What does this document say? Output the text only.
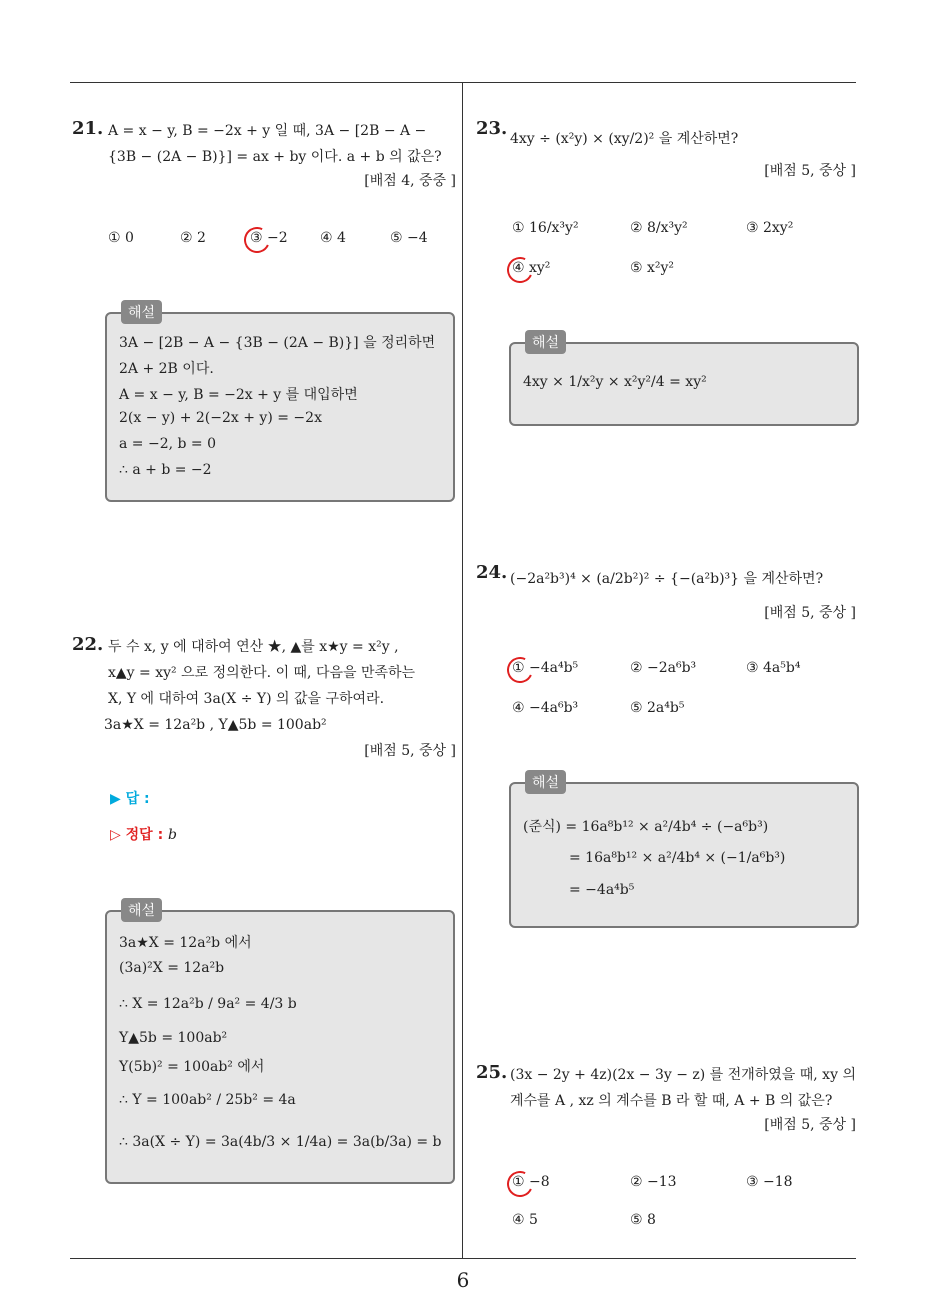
6
21. A = x − y, B = −2x + y 일 때, 3A − [2B − A −
{3B − (2A − B)}] = ax + by 이다. a + b 의 값은?
[배점 4, 중중 ]
① 0	② 2	③ −2 ④ 4	⑤ −4
해설
3A − [2B − A − {3B − (2A − B)}] 을 정리하면
2A + 2B 이다.
A = x − y, B = −2x + y 를 대입하면
2(x − y) + 2(−2x + y) = −2x
a = −2, b = 0
∴ a + b = −2
22. 두 수 x, y 에 대하여 연산 ★, ▲를 x★y = x²y ,
x▲y = xy² 으로 정의한다. 이 때, 다음을 만족하는
X, Y 에 대하여 3a(X ÷ Y) 의 값을 구하여라.
3a★X = 12a²b , Y▲5b = 100ab²
[배점 5, 중상 ]
▶ 답 :
▷ 정답 : b
해설
3a★X = 12a²b 에서
(3a)²X = 12a²b
∴ X = 12a²b / 9a² = 4/3 b
Y▲5b = 100ab²
Y(5b)² = 100ab² 에서
∴ Y = 100ab² / 25b² = 4a
∴ 3a(X ÷ Y) = 3a(4b/3 × 1/4a) = 3a(b/3a) = b
23. 4xy ÷ (x²y) × (xy/2)² 을 계산하면?
[배점 5, 중상 ]
① 16/x³y²	② 8/x³y²	③ 2xy²
④ xy²	⑤ x²y²
해설
4xy × 1/x²y × x²y²/4 = xy²
24. (−2a²b³)⁴ × (a/2b²)² ÷ {−(a²b)³} 을 계산하면?
[배점 5, 중상 ]
① −4a⁴b⁵	② −2a⁶b³	③ 4a⁵b⁴
④ −4a⁶b³	⑤ 2a⁴b⁵
해설
(준식) = 16a⁸b¹² × a²/4b⁴ ÷ (−a⁶b³)
= 16a⁸b¹² × a²/4b⁴ × (−1/a⁶b³)
= −4a⁴b⁵
25. (3x − 2y + 4z)(2x − 3y − z) 를 전개하였을 때, xy 의
계수를 A , xz 의 계수를 B 라 할 때, A + B 의 값은?
[배점 5, 중상 ]
① −8	② −13	③ −18
④ 5	⑤ 8
